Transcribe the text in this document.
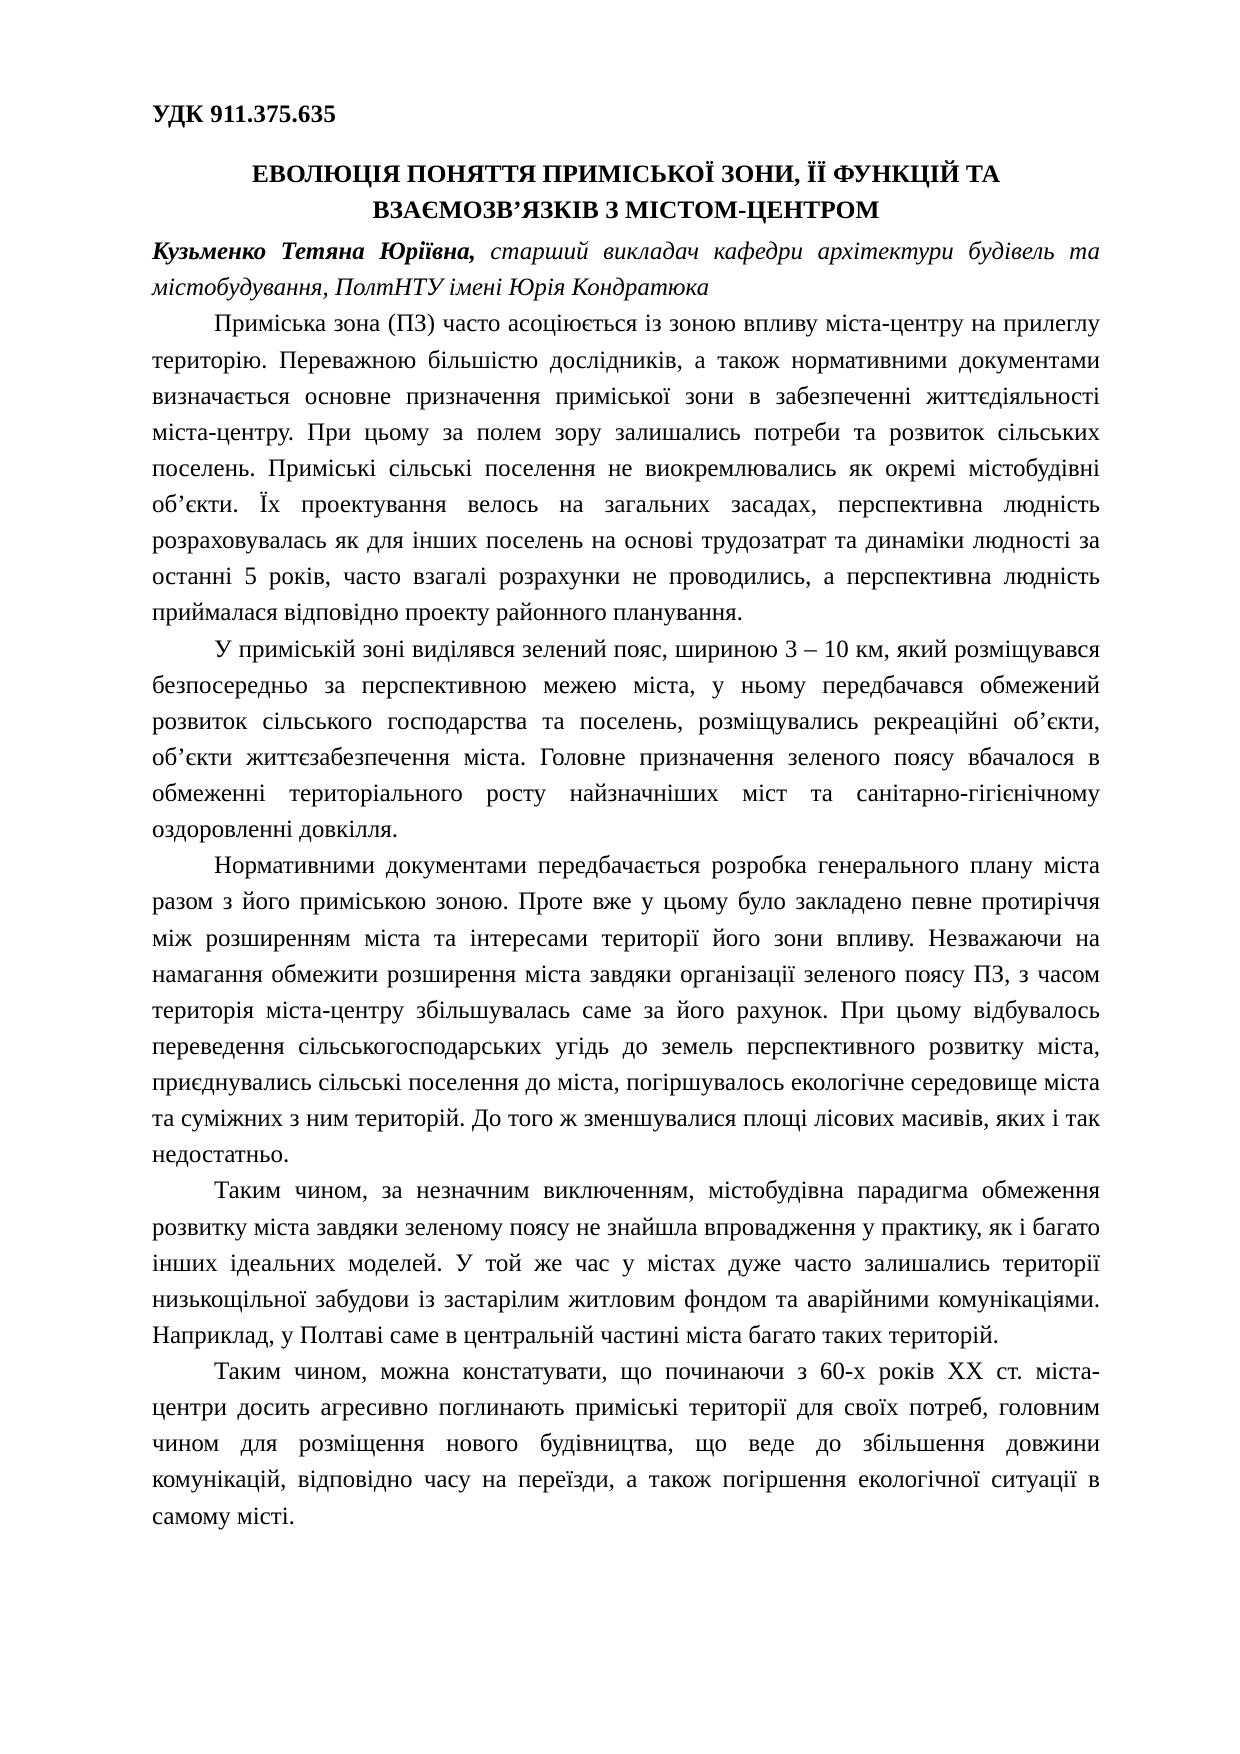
УДК 911.375.635
ЕВОЛЮЦІЯ ПОНЯТТЯ ПРИМІСЬКОЇ ЗОНИ, ЇЇ ФУНКЦІЙ ТА
ВЗАЄМОЗВ’ЯЗКІВ З МІСТОМ-ЦЕНТРОМ
Кузьменко Тетяна Юріївна, старший викладач кафедри архітектури будівель та містобудування, ПолтНТУ імені Юрія Кондратюка

Приміська зона (ПЗ) часто асоціюється із зоною впливу міста-центру на прилеглу територію. Переважною більшістю дослідників, а також нормативними документами визначається основне призначення приміської зони в забезпеченні життєдіяльності міста-центру. При цьому за полем зору залишались потреби та розвиток сільських поселень. Приміські сільські поселення не виокремлювались як окремі містобудівні об’єкти. Їх проектування велось на загальних засадах, перспективна людність розраховувалась як для інших поселень на основі трудозатрат та динаміки людності за останні 5 років, часто взагалі розрахунки не проводились, а перспективна людність приймалася відповідно проекту районного планування.

У приміській зоні виділявся зелений пояс, шириною 3 – 10 км, який розміщувався безпосередньо за перспективною межею міста, у ньому передбачався обмежений розвиток сільського господарства та поселень, розміщувались рекреаційні об’єкти, об’єкти життєзабезпечення міста. Головне призначення зеленого поясу вбачалося в обмеженні територіального росту найзначніших міст та санітарно-гігієнічному оздоровленні довкілля.

Нормативними документами передбачається розробка генерального плану міста разом з його приміською зоною. Проте вже у цьому було закладено певне протиріччя між розширенням міста та інтересами території його зони впливу. Незважаючи на намагання обмежити розширення міста завдяки організації зеленого поясу ПЗ, з часом територія міста-центру збільшувалась саме за його рахунок. При цьому відбувалось переведення сільськогосподарських угідь до земель перспективного розвитку міста, приєднувались сільські поселення до міста, погіршувалось екологічне середовище міста та суміжних з ним територій. До того ж зменшувалися площі лісових масивів, яких і так недостатньо.

Таким чином, за незначним виключенням, містобудівна парадигма обмеження розвитку міста завдяки зеленому поясу не знайшла впровадження у практику, як і багато інших ідеальних моделей. У той же час у містах дуже часто залишались території низькощільної забудови із застарілим житловим фондом та аварійними комунікаціями. Наприклад, у Полтаві саме в центральній частині міста багато таких територій.

Таким чином, можна констатувати, що починаючи з 60-х років XX ст. міста-центри досить агресивно поглинають приміські території для своїх потреб, головним чином для розміщення нового будівництва, що веде до збільшення довжини комунікацій, відповідно часу на переїзди, а також погіршення екологічної ситуації в самому місті.
